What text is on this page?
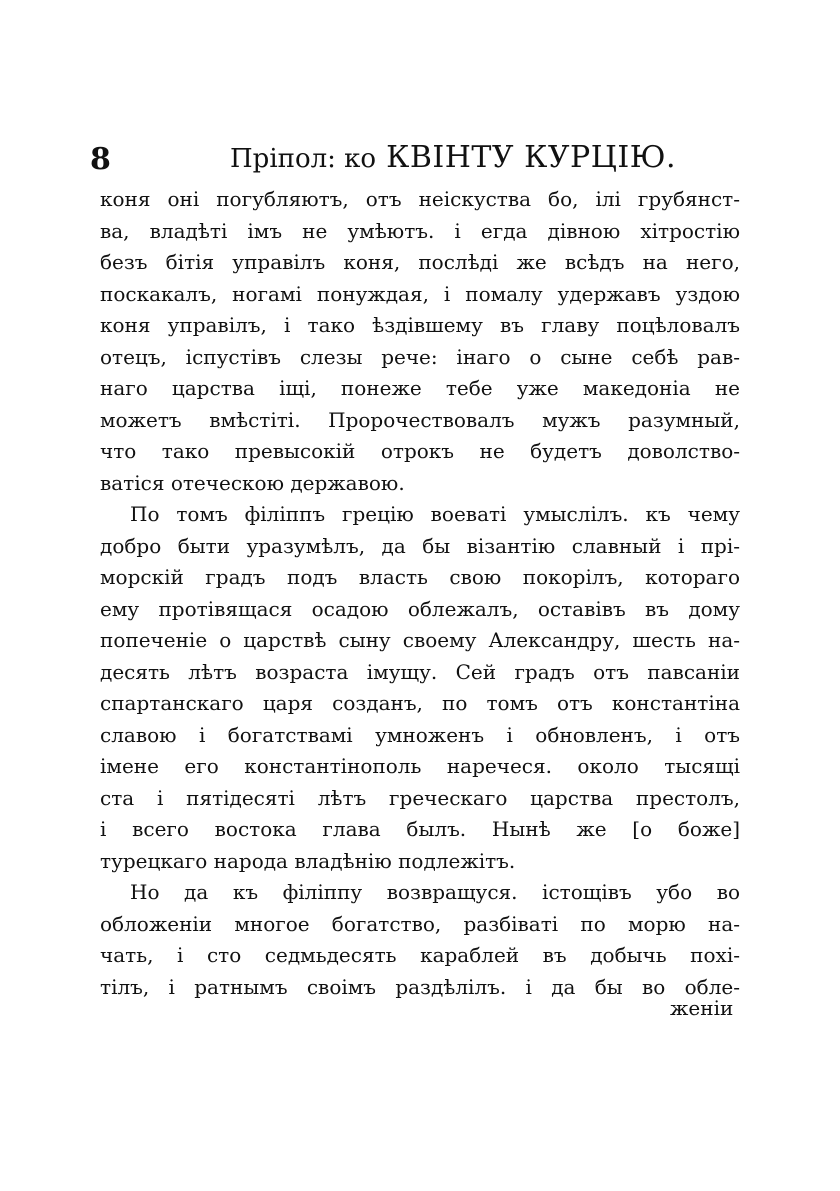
8	Прiпол: ко КВIНТУ КУРЦIЮ.
коня онi погубляютъ, отъ неiскуства бо, iлi грубянст-
ва, владѣтi iмъ не умѣютъ. i егда дiвною хiтростiю
безъ бiтiя управiлъ коня, послѣдi же всѣдъ на него,
поскакалъ, ногамi понуждая, i помалу удержавъ уздою
коня управiлъ, i тако ѣздiвшему въ главу поцѣловалъ
отецъ, iспустiвъ слезы рече: iнаго о сыне себѣ рав-
наго царства iщi, понеже тебе уже македонiа не
можетъ вмѣстiтi. Пророчествовалъ мужъ разумный,
что тако превысокiй отрокъ не будетъ доволство-
ватiся отеческою державою.
По томъ фiлiппъ грецiю воеватi умыслiлъ. къ чему
добро быти уразумѣлъ, да бы вiзантiю славный i прi-
морскiй градъ подъ власть свою покорiлъ, котораго
ему протiвящася осадою облежалъ, оставiвъ въ дому
попеченiе о царствѣ сыну своему Александру, шесть на-
десять лѣтъ возраста iмущу. Сей градъ отъ павсанiи
спартанскаго царя созданъ, по томъ отъ константiна
славою i богатствамi умноженъ i обновленъ, i отъ
iмене его константiнополь наречеся. около тысящi
ста i пятiдесятi лѣтъ греческаго царства престолъ,
i всего востока глава былъ. Нынѣ же [о боже]
турецкаго народа владѣнiю подлежiтъ.
Но да къ фiлiппу возвращуся. iстощiвъ убо во
обложенiи многое богатство, разбiватi по морю на-
чать, i сто седмьдесять караблей въ добычь похi-
тiлъ, i ратнымъ своiмъ раздѣлiлъ. i да бы во обле-
женiи
